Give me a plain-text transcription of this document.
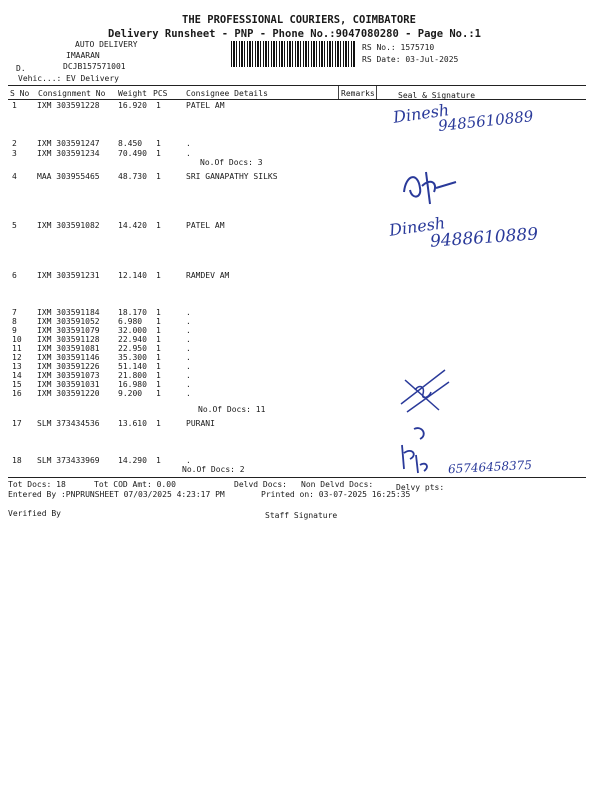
THE PROFESSIONAL COURIERS, COIMBATORE
Delivery Runsheet - PNP - Phone No.:9047080280 - Page No.:1
AUTO DELIVERY
IMAARAN
D.	DCJB157571001
Vehic...: EV Delivery
RS No.: 1575710
RS Date: 03-Jul-2025
S No Consignment No Weight PCS Consignee Details	Remarks	Seal & Signature
1	IXM 303591228 16.920 1	PATEL AM
2	IXM 303591247 8.450 1	.
3	IXM 303591234 70.490 1	.
4	MAA 303955465 48.730 1	SRI GANAPATHY SILKS
5	IXM 303591082 14.420 1	PATEL AM
6	IXM 303591231 12.140 1	RAMDEV AM
7	IXM 303591184 18.170 1	.
8	IXM 303591052 6.980 1	.
9	IXM 303591079 32.000 1	.
10 IXM 303591128 22.940 1	.
11 IXM 303591081 22.950 1	.
12 IXM 303591146 35.300 1	.
13 IXM 303591226 51.140 1	.
14 IXM 303591073 21.800 1	.
15 IXM 303591031 16.980 1	.
16 IXM 303591220 9.200 1	.
17 SLM 373434536 13.610 1	PURANI
18 SLM 373433969 14.290 1	.
No.Of Docs: 3
No.Of Docs: 11
No.Of Docs: 2
Dinesh
9485610889
Dinesh
9488610889
65746458375
Tot Docs: 18	Tot COD Amt: 0.00	Delvd Docs: Non Delvd Docs:	Delvy pts:
Entered By :PNPRUNSHEET 07/03/2025 4:23:17 PM	Printed on: 03-07-2025 16:25:35
Verified By	Staff Signature
